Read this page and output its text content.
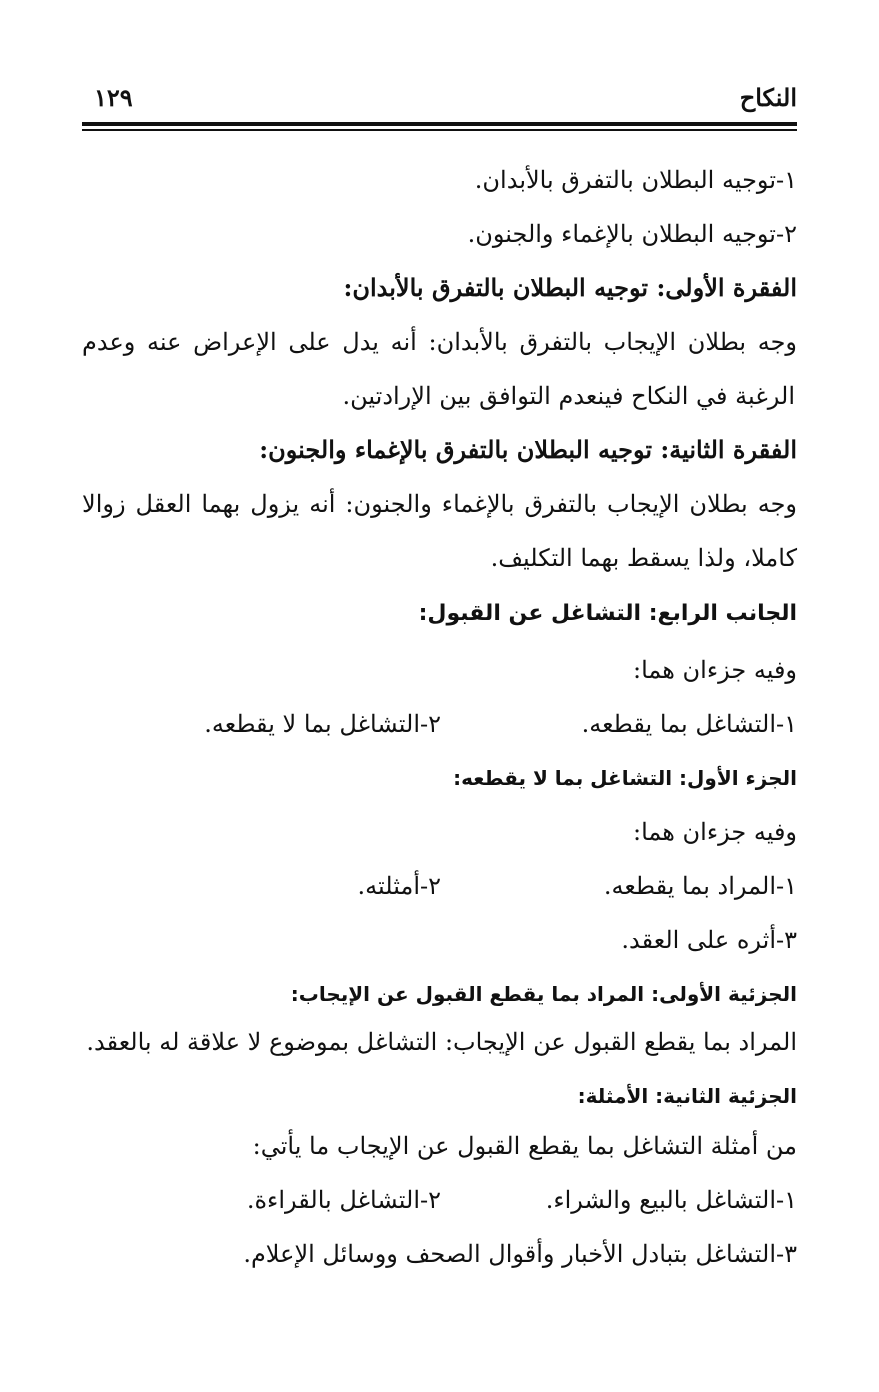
النكاح
١٢٩
١-توجيه البطلان بالتفرق بالأبدان.
٢-توجيه البطلان بالإغماء والجنون.
الفقرة الأولى: توجيه البطلان بالتفرق بالأبدان:
وجه بطلان الإيجاب بالتفرق بالأبدان: أنه يدل على الإعراض عنه وعدم
الرغبة في النكاح فينعدم التوافق بين الإرادتين.
الفقرة الثانية: توجيه البطلان بالتفرق بالإغماء والجنون:
وجه بطلان الإيجاب بالتفرق بالإغماء والجنون: أنه يزول بهما العقل زوالا
كاملا، ولذا يسقط بهما التكليف.
الجانب الرابع: التشاغل عن القبول:
وفيه جزءان هما:
١-التشاغل بما يقطعه.
٢-التشاغل بما لا يقطعه.
الجزء الأول: التشاغل بما لا يقطعه:
وفيه جزءان هما:
١-المراد بما يقطعه.
٢-أمثلته.
٣-أثره على العقد.
الجزئية الأولى: المراد بما يقطع القبول عن الإيجاب:
المراد بما يقطع القبول عن الإيجاب: التشاغل بموضوع لا علاقة له بالعقد.
الجزئية الثانية: الأمثلة:
من أمثلة التشاغل بما يقطع القبول عن الإيجاب ما يأتي:
١-التشاغل بالبيع والشراء.
٢-التشاغل بالقراءة.
٣-التشاغل بتبادل الأخبار وأقوال الصحف ووسائل الإعلام.
